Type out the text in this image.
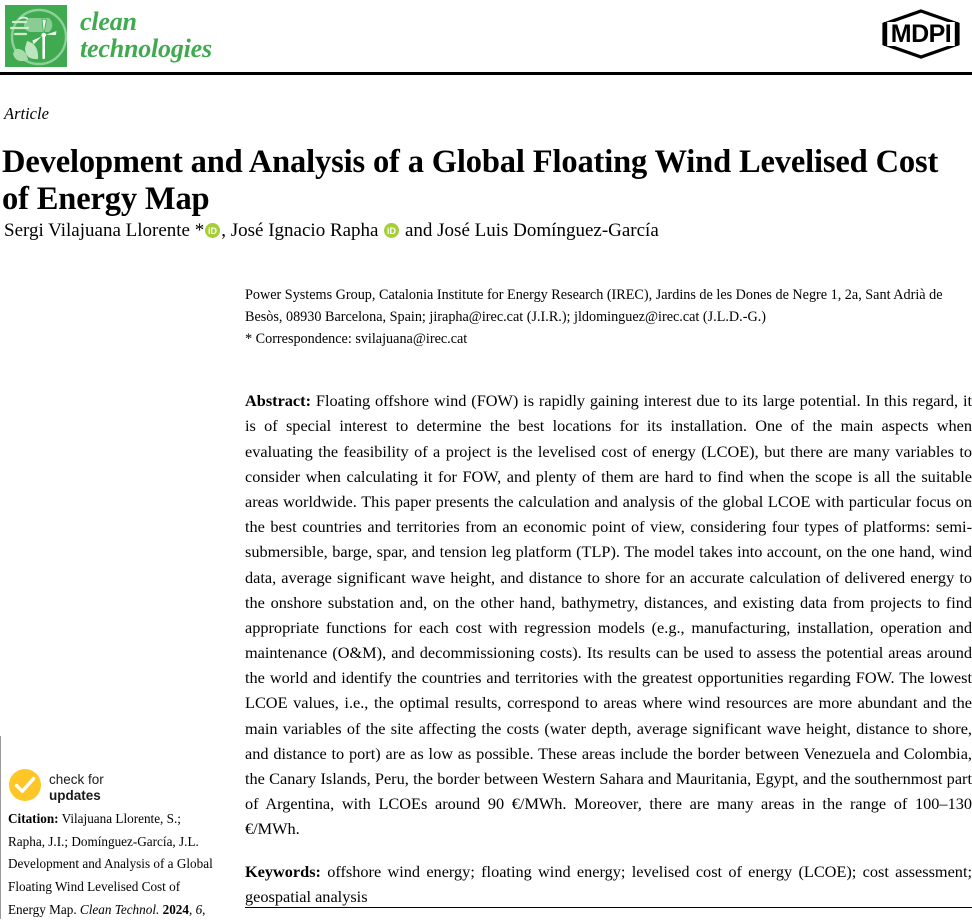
clean
technologies	MDPI
check for
updates
Citation: Vilajuana Llorente, S.; Rapha, J.I.; Domínguez-García, J.L. Development and Analysis of a Global Floating Wind Levelised Cost of Energy Map. Clean Technol. 2024, 6,
Article
Development and Analysis of a Global Floating Wind Levelised Cost of Energy Map
Sergi Vilajuana Llorente * iD , José Ignacio Rapha iD and José Luis Domínguez-García
Power Systems Group, Catalonia Institute for Energy Research (IREC), Jardins de les Dones de Negre 1, 2a, Sant Adrià de Besòs, 08930 Barcelona, Spain; jirapha@irec.cat (J.I.R.); jldominguez@irec.cat (J.L.D.-G.)
* Correspondence: svilajuana@irec.cat

Abstract: Floating offshore wind (FOW) is rapidly gaining interest due to its large potential. In this regard, it is of special interest to determine the best locations for its installation. One of the main aspects when evaluating the feasibility of a project is the levelised cost of energy (LCOE), but there are many variables to consider when calculating it for FOW, and plenty of them are hard to find when the scope is all the suitable areas worldwide. This paper presents the calculation and analysis of the global LCOE with particular focus on the best countries and territories from an economic point of view, considering four types of platforms: semi-submersible, barge, spar, and tension leg platform (TLP). The model takes into account, on the one hand, wind data, average significant wave height, and distance to shore for an accurate calculation of delivered energy to the onshore substation and, on the other hand, bathymetry, distances, and existing data from projects to find appropriate functions for each cost with regression models (e.g., manufacturing, installation, operation and maintenance (O&M), and decommissioning costs). Its results can be used to assess the potential areas around the world and identify the countries and territories with the greatest opportunities regarding FOW. The lowest LCOE values, i.e., the optimal results, correspond to areas where wind resources are more abundant and the main variables of the site affecting the costs (water depth, average significant wave height, distance to shore, and distance to port) are as low as possible. These areas include the border between Venezuela and Colombia, the Canary Islands, Peru, the border between Western Sahara and Mauritania, Egypt, and the southernmost part of Argentina, with LCOEs around 90 €/MWh. Moreover, there are many areas in the range of 100–130 €/MWh.

Keywords: offshore wind energy; floating wind energy; levelised cost of energy (LCOE); cost assessment; geospatial analysis
